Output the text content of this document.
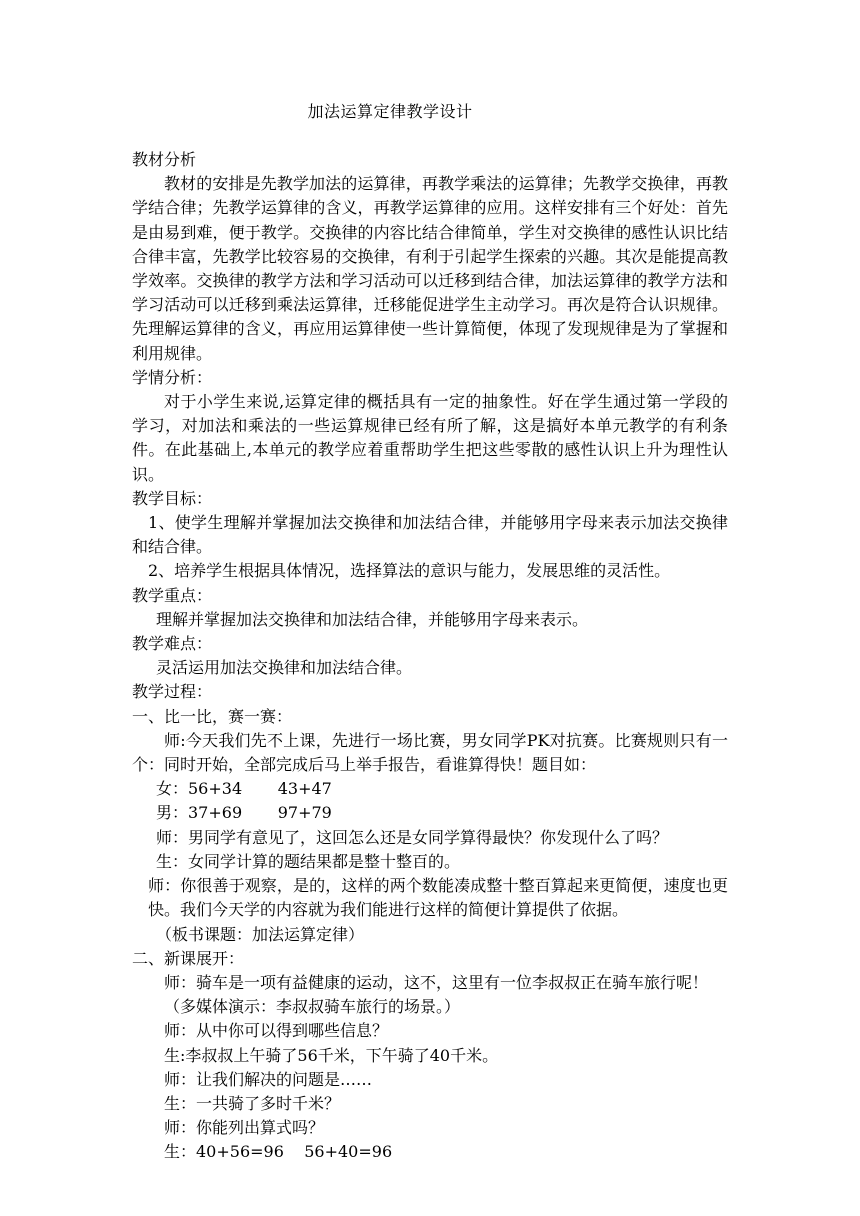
加法运算定律教学设计

教材分析

教材的安排是先教学加法的运算律，再教学乘法的运算律；先教学交换律，再教学结合律；先教学运算律的含义，再教学运算律的应用。这样安排有三个好处：首先是由易到难，便于教学。交换律的内容比结合律简单，学生对交换律的感性认识比结合律丰富，先教学比较容易的交换律，有利于引起学生探索的兴趣。其次是能提高教学效率。交换律的教学方法和学习活动可以迁移到结合律，加法运算律的教学方法和学习活动可以迁移到乘法运算律，迁移能促进学生主动学习。再次是符合认识规律。先理解运算律的含义，再应用运算律使一些计算简便，体现了发现规律是为了掌握和利用规律。

学情分析：

对于小学生来说,运算定律的概括具有一定的抽象性。好在学生通过第一学段的学习，对加法和乘法的一些运算规律已经有所了解，这是搞好本单元教学的有利条件。在此基础上,本单元的教学应着重帮助学生把这些零散的感性认识上升为理性认识。

教学目标：

1、使学生理解并掌握加法交换律和加法结合律，并能够用字母来表示加法交换律和结合律。

2、培养学生根据具体情况，选择算法的意识与能力，发展思维的灵活性。

教学重点：

理解并掌握加法交换律和加法结合律，并能够用字母来表示。

教学难点：

灵活运用加法交换律和加法结合律。

教学过程：

一、比一比，赛一赛：

师:今天我们先不上课，先进行一场比赛，男女同学PK对抗赛。比赛规则只有一个：同时开始，全部完成后马上举手报告，看谁算得快！题目如：

女：56+34       43+47

男：37+69       97+79

师：男同学有意见了，这回怎么还是女同学算得最快？你发现什么了吗？

生：女同学计算的题结果都是整十整百的。

师：你很善于观察，是的，这样的两个数能凑成整十整百算起来更简便，速度也更快。我们今天学的内容就为我们能进行这样的简便计算提供了依据。

（板书课题：加法运算定律）

二、新课展开：

师：骑车是一项有益健康的运动，这不，这里有一位李叔叔正在骑车旅行呢！

（多媒体演示：李叔叔骑车旅行的场景。）

师：从中你可以得到哪些信息？

生:李叔叔上午骑了56千米，下午骑了40千米。

师：让我们解决的问题是……

生：一共骑了多时千米？

师：你能列出算式吗？

生：40+56=96    56+40=96
